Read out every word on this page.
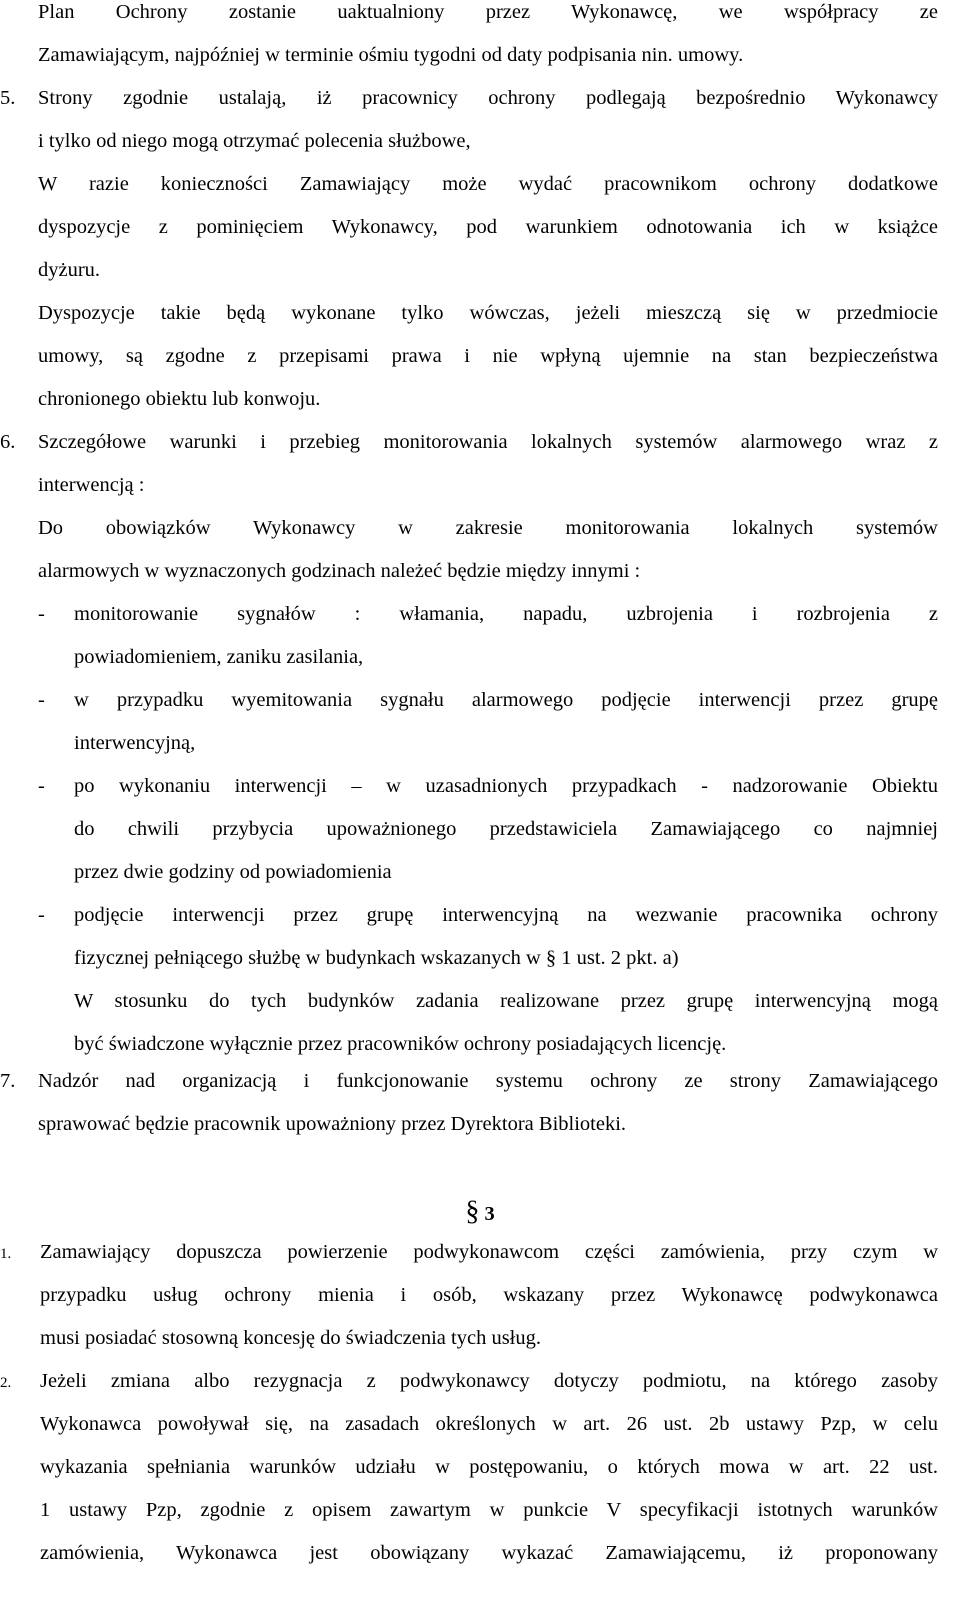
Plan Ochrony zostanie uaktualniony przez Wykonawcę, we współpracy ze
Zamawiającym, najpóźniej w terminie ośmiu tygodni od daty podpisania nin. umowy.
5. Strony zgodnie ustalają, iż pracownicy ochrony podlegają bezpośrednio Wykonawcy
i tylko od niego mogą otrzymać polecenia służbowe,
W razie konieczności Zamawiający może wydać pracownikom ochrony dodatkowe
dyspozycje z pominięciem Wykonawcy, pod warunkiem odnotowania ich w książce
dyżuru.
Dyspozycje takie będą wykonane tylko wówczas, jeżeli mieszczą się w przedmiocie
umowy, są zgodne z przepisami prawa i nie wpłyną ujemnie na stan bezpieczeństwa
chronionego obiektu lub konwoju.
6. Szczegółowe warunki i przebieg monitorowania lokalnych systemów alarmowego wraz z
interwencją :
Do obowiązków Wykonawcy w zakresie monitorowania lokalnych systemów
alarmowych w wyznaczonych godzinach należeć będzie między innymi :
- monitorowanie sygnałów : włamania, napadu, uzbrojenia i rozbrojenia z
powiadomieniem, zaniku zasilania,
- w przypadku wyemitowania sygnału alarmowego podjęcie interwencji przez grupę
interwencyjną,
- po wykonaniu interwencji – w uzasadnionych przypadkach - nadzorowanie Obiektu
do chwili przybycia upoważnionego przedstawiciela Zamawiającego co najmniej
przez dwie godziny od powiadomienia
- podjęcie interwencji przez grupę interwencyjną na wezwanie pracownika ochrony
fizycznej pełniącego służbę w budynkach wskazanych w § 1 ust. 2 pkt. a)
W stosunku do tych budynków zadania realizowane przez grupę interwencyjną mogą
być świadczone wyłącznie przez pracowników ochrony posiadających licencję.
7. Nadzór nad organizacją i funkcjonowanie systemu ochrony ze strony Zamawiającego
sprawować będzie pracownik upoważniony przez Dyrektora Biblioteki.
§ 3
1. Zamawiający dopuszcza powierzenie podwykonawcom części zamówienia, przy czym w
przypadku usług ochrony mienia i osób, wskazany przez Wykonawcę podwykonawca
musi posiadać stosowną koncesję do świadczenia tych usług.
2. Jeżeli zmiana albo rezygnacja z podwykonawcy dotyczy podmiotu, na którego zasoby
Wykonawca powoływał się, na zasadach określonych w art. 26 ust. 2b ustawy Pzp, w celu
wykazania spełniania warunków udziału w postępowaniu, o których mowa w art. 22 ust.
1 ustawy Pzp, zgodnie z opisem zawartym w punkcie V specyfikacji istotnych warunków
zamówienia, Wykonawca jest obowiązany wykazać Zamawiającemu, iż proponowany
